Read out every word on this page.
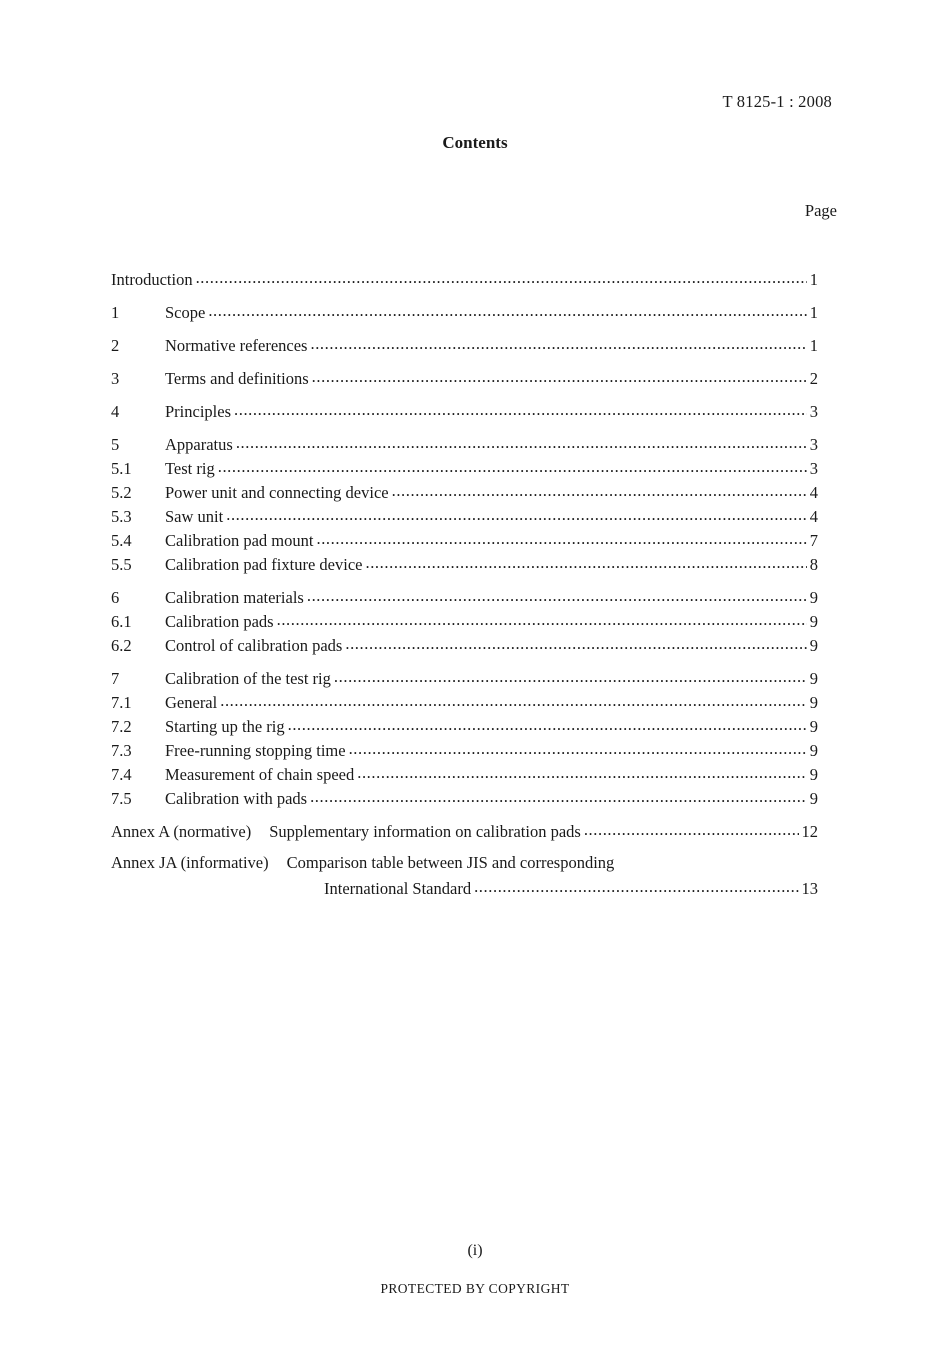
T 8125-1 : 2008
Contents
Page
Introduction .....	1
1	Scope .....	1
2	Normative references .....	1
3	Terms and definitions .....	2
4	Principles .....	3
5	Apparatus .....	3
5.1	Test rig .....	3
5.2	Power unit and connecting device .....	4
5.3	Saw unit .....	4
5.4	Calibration pad mount .....	7
5.5	Calibration pad fixture device .....	8
6	Calibration materials .....	9
6.1	Calibration pads .....	9
6.2	Control of calibration pads .....	9
7	Calibration of the test rig .....	9
7.1	General .....	9
7.2	Starting up the rig .....	9
7.3	Free-running stopping time .....	9
7.4	Measurement of chain speed .....	9
7.5	Calibration with pads .....	9
Annex A (normative)	Supplementary information on calibration pads .....	12
Annex JA (informative)	Comparison table between JIS and corresponding
International Standard .....	13
(i)
PROTECTED BY COPYRIGHT
